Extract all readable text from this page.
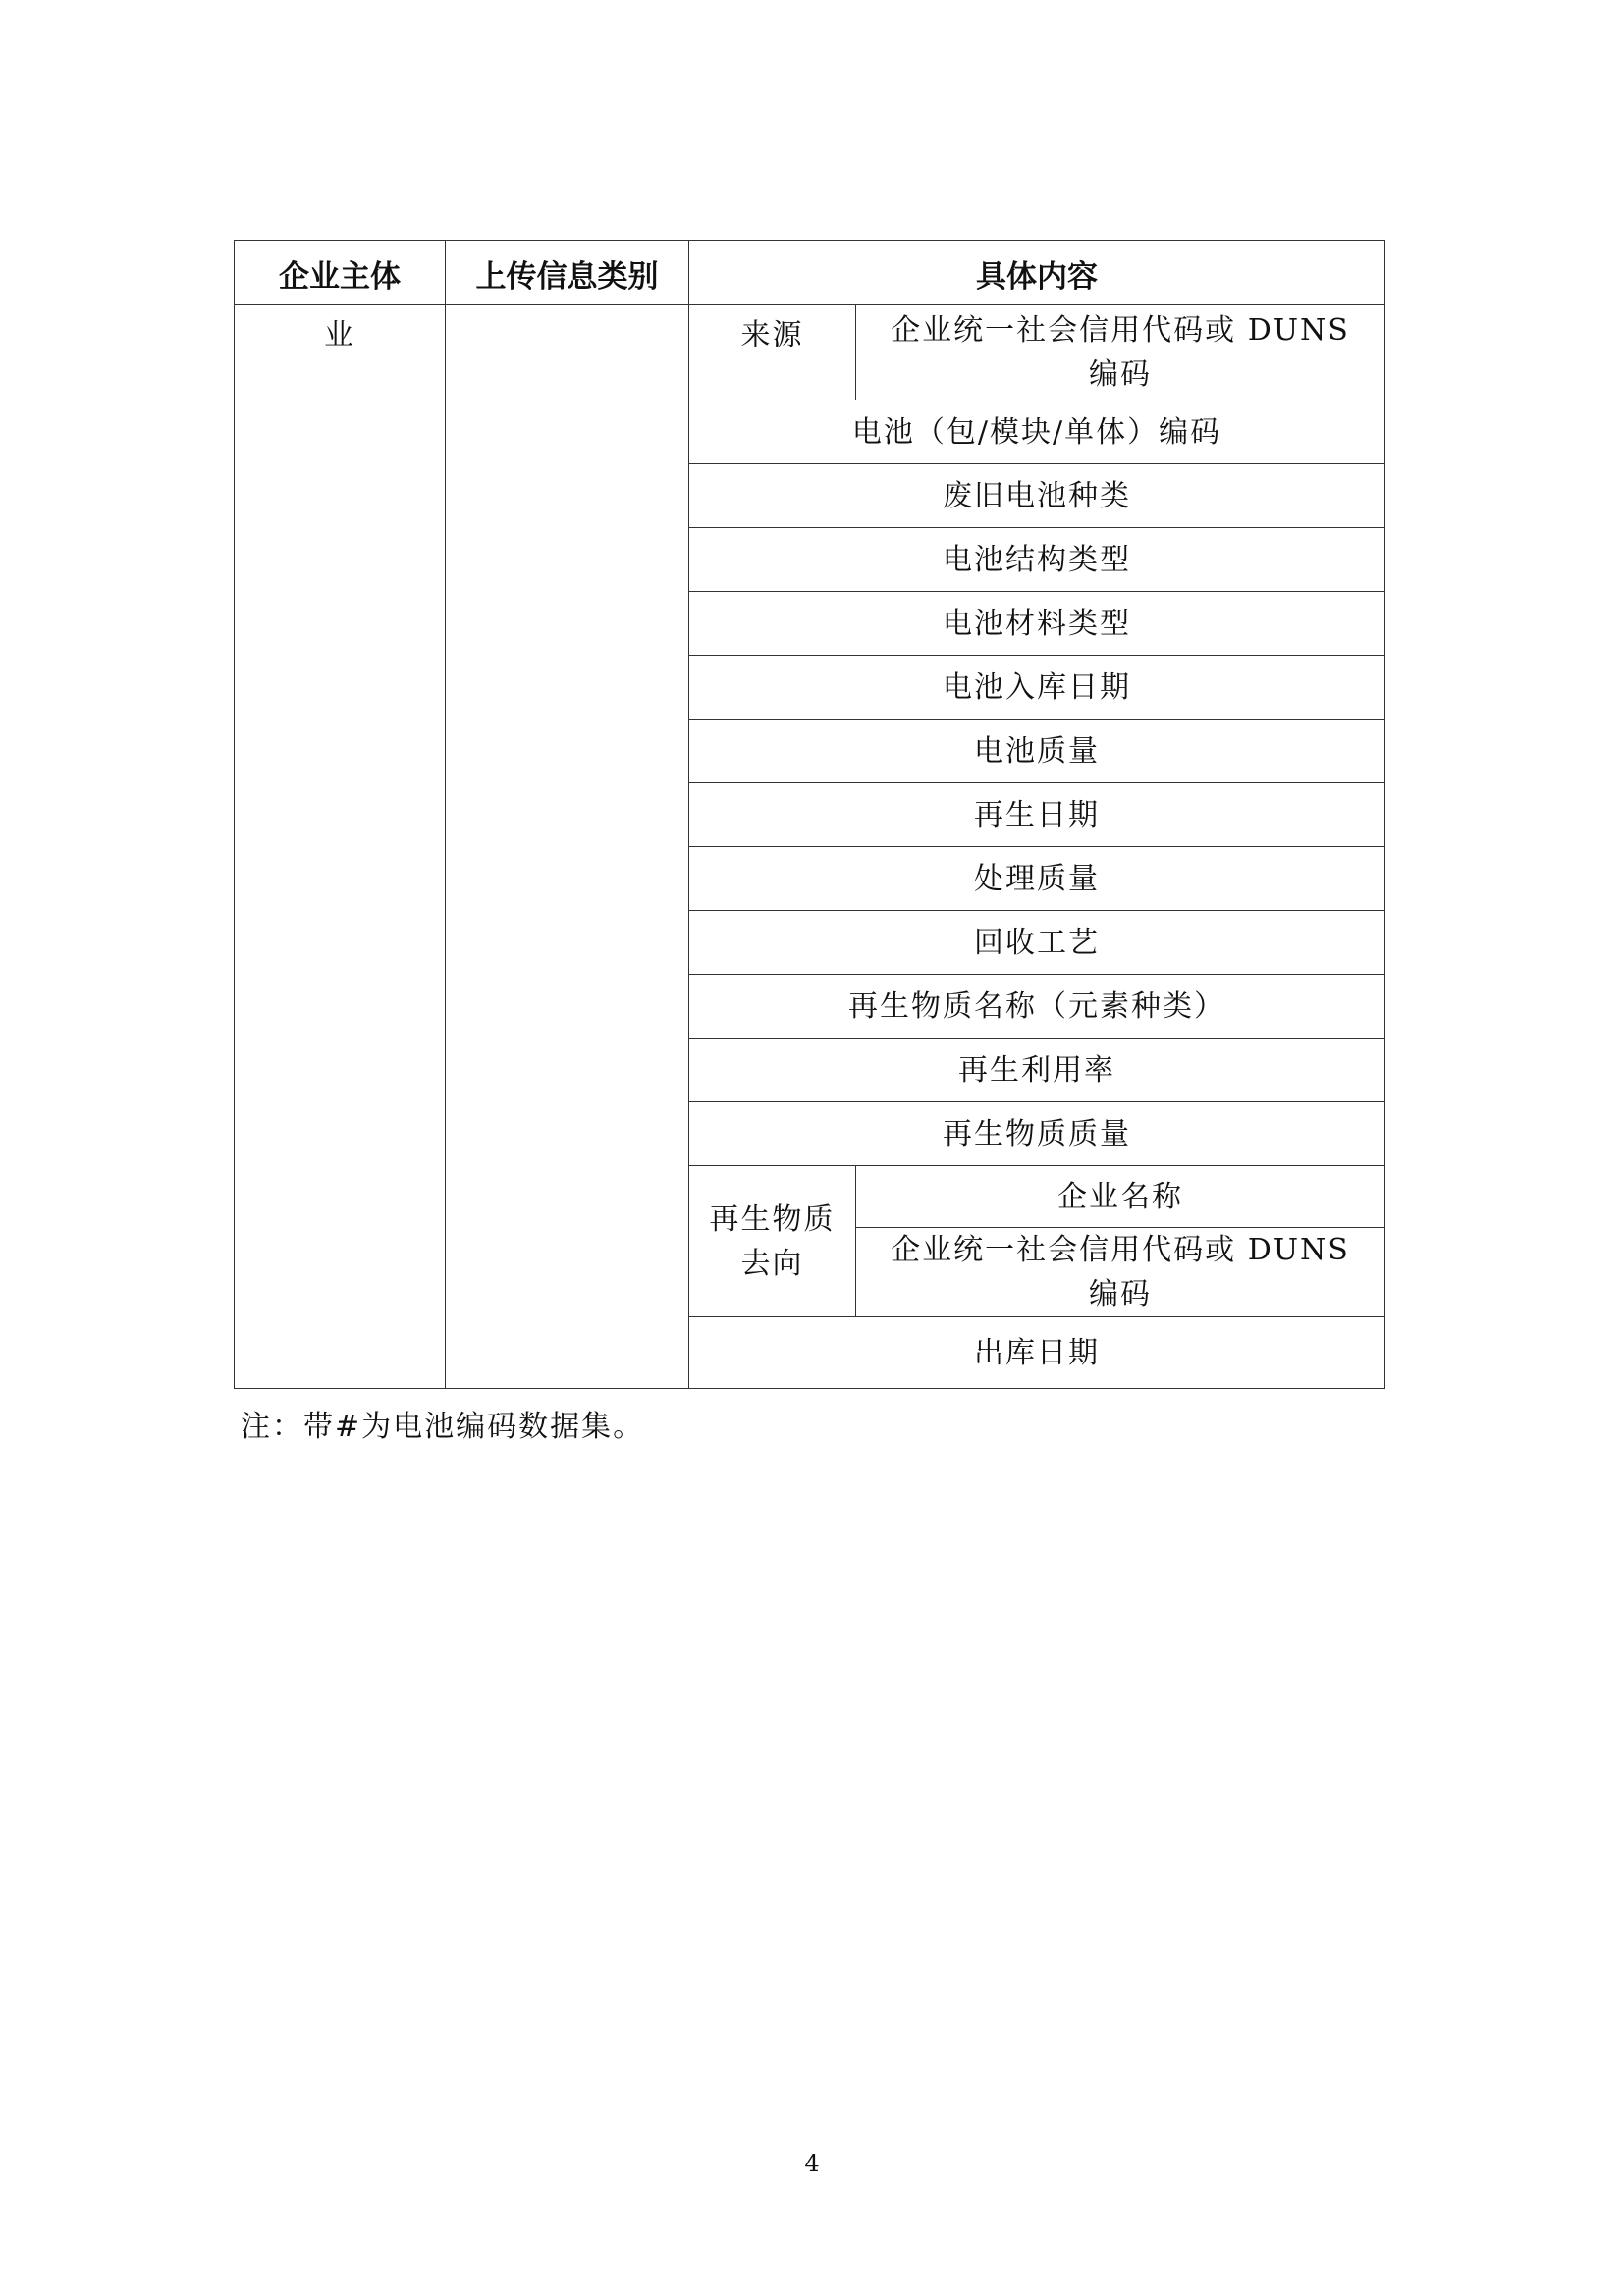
企业主体	上传信息类别	具体内容	
业		来源	企业统一社会信用代码或 DUNS 编码
		电池（包/模块/单体）编码	
		废旧电池种类	
		电池结构类型	
		电池材料类型	
		电池入库日期	
		电池质量	
		再生日期	
		处理质量	
		回收工艺	
		再生物质名称（元素种类）	
		再生利用率	
		再生物质质量	
		再生物质去向	企业名称
			企业统一社会信用代码或 DUNS 编码
		出库日期	
注：带#为电池编码数据集。
4
